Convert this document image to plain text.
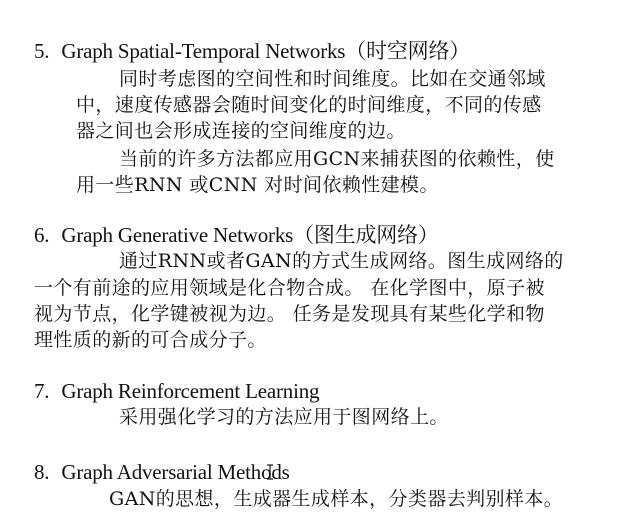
5. Graph Spatial-Temporal Networks（时空网络）
同时考虑图的空间性和时间维度。比如在交通邻域
中，速度传感器会随时间变化的时间维度，不同的传感
器之间也会形成连接的空间维度的边。
当前的许多方法都应用GCN来捕获图的依赖性，使
用一些RNN 或CNN 对时间依赖性建模。
6. Graph Generative Networks（图生成网络）
通过RNN或者GAN的方式生成网络。图生成网络的
一个有前途的应用领域是化合物合成。 在化学图中，原子被
视为节点，化学键被视为边。 任务是发现具有某些化学和物
理性质的新的可合成分子。
7. Graph Reinforcement Learning
采用强化学习的方法应用于图网络上。
8. Graph Adversarial Methods
GAN的思想，生成器生成样本，分类器去判别样本。
